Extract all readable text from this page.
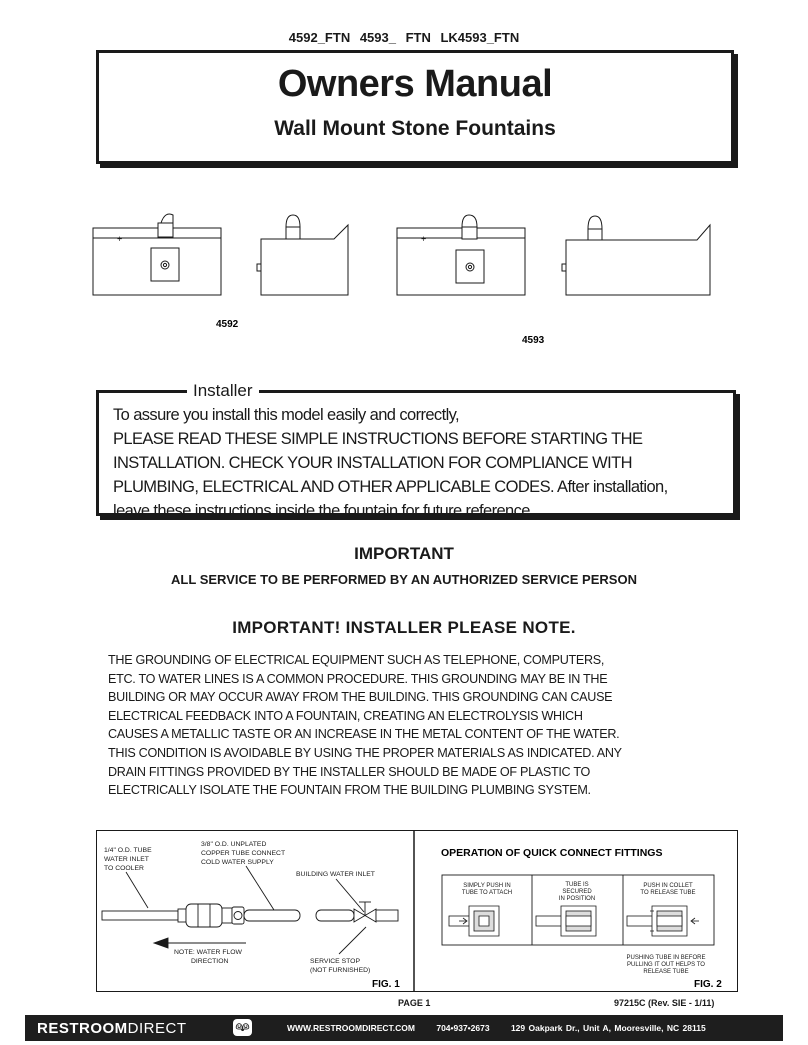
4592_FTN 4593_ FTN LK4593_FTN
Owners Manual
Wall Mount Stone Fountains
+	+
4592
4593
Installer
To assure you install this model easily and correctly,
PLEASE READ THESE SIMPLE INSTRUCTIONS BEFORE STARTING THE
INSTALLATION. CHECK YOUR INSTALLATION FOR COMPLIANCE WITH
PLUMBING, ELECTRICAL AND OTHER APPLICABLE CODES. After installation,
leave these instructions inside the fountain for future reference.
IMPORTANT
ALL SERVICE TO BE PERFORMED BY AN AUTHORIZED SERVICE PERSON
IMPORTANT! INSTALLER PLEASE NOTE.
THE GROUNDING OF ELECTRICAL EQUIPMENT SUCH AS TELEPHONE, COMPUTERS,
ETC. TO WATER LINES IS A COMMON PROCEDURE. THIS GROUNDING MAY BE IN THE
BUILDING OR MAY OCCUR AWAY FROM THE BUILDING. THIS GROUNDING CAN CAUSE
ELECTRICAL FEEDBACK INTO A FOUNTAIN, CREATING AN ELECTROLYSIS WHICH
CAUSES A METALLIC TASTE OR AN INCREASE IN THE METAL CONTENT OF THE WATER.
THIS CONDITION IS AVOIDABLE BY USING THE PROPER MATERIALS AS INDICATED. ANY
DRAIN FITTINGS PROVIDED BY THE INSTALLER SHOULD BE MADE OF PLASTIC TO
ELECTRICALLY ISOLATE THE FOUNTAIN FROM THE BUILDING PLUMBING SYSTEM.
1/4" O.D. TUBE
WATER INLET
TO COOLER
3/8" O.D. UNPLATED
COPPER TUBE CONNECT
COLD WATER SUPPLY
BUILDING WATER INLET
NOTE: WATER FLOW
DIRECTION	SERVICE STOP
(NOT FURNISHED)
FIG. 1
OPERATION OF QUICK CONNECT FITTINGS
SIMPLY PUSH IN
TUBE TO ATTACH
TUBE IS
SECURED
IN POSITION
PUSH IN COLLET
TO RELEASE TUBE
PUSHING TUBE IN BEFORE
PULLING IT OUT HELPS TO
RELEASE TUBE
FIG. 2
PAGE 1	97215C (Rev. SIE - 1/11)
RESTROOMDIRECT	👫︎	WWW.RESTROOMDIRECT.COM	704•937•2673	129 Oakpark Dr., Unit A, Mooresville, NC 28115
